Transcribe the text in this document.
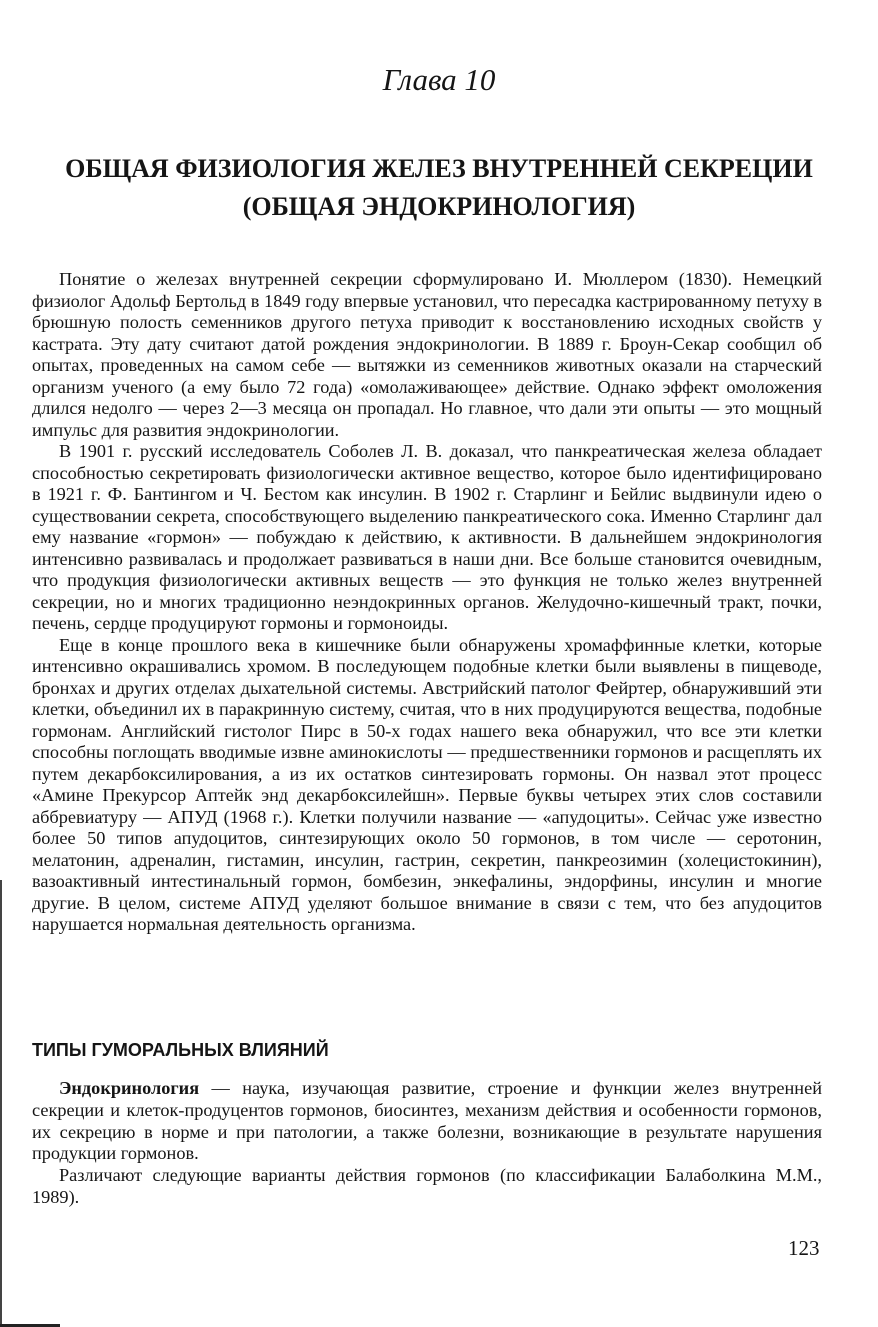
Глава 10
ОБЩАЯ ФИЗИОЛОГИЯ ЖЕЛЕЗ ВНУТРЕННЕЙ СЕКРЕЦИИ
(ОБЩАЯ ЭНДОКРИНОЛОГИЯ)

Понятие о железах внутренней секреции сформулировано И. Мюллером (1830). Немецкий физиолог Адольф Бертольд в 1849 году впервые установил, что пересадка кастрированному петуху в брюшную полость семенников другого петуха приводит к восстановлению исходных свойств у кастрата. Эту дату считают датой рождения эндокринологии. В 1889 г. Броун-Секар сообщил об опытах, проведенных на самом себе — вытяжки из семенников животных оказали на старческий организм ученого (а ему было 72 года) «омолаживающее» действие. Однако эффект омоложения длился недолго — через 2—3 месяца он пропадал. Но главное, что дали эти опыты — это мощный импульс для развития эндокринологии.

В 1901 г. русский исследователь Соболев Л. В. доказал, что панкреатическая железа обладает способностью секретировать физиологически активное вещество, которое было идентифицировано в 1921 г. Ф. Бантингом и Ч. Бестом как инсулин. В 1902 г. Старлинг и Бейлис выдвинули идею о существовании секрета, способствующего выделению панкреатического сока. Именно Старлинг дал ему название «гормон» — побуждаю к действию, к активности. В дальнейшем эндокринология интенсивно развивалась и продолжает развиваться в наши дни. Все больше становится очевидным, что продукция физиологически активных веществ — это функция не только желез внутренней секреции, но и многих традиционно неэндокринных органов. Желудочно-кишечный тракт, почки, печень, сердце продуцируют гормоны и гормоноиды.

Еще в конце прошлого века в кишечнике были обнаружены хромаффинные клетки, которые интенсивно окрашивались хромом. В последующем подобные клетки были выявлены в пищеводе, бронхах и других отделах дыхательной системы. Австрийский патолог Фейртер, обнаруживший эти клетки, объединил их в паракринную систему, считая, что в них продуцируются вещества, подобные гормонам. Английский гистолог Пирс в 50-х годах нашего века обнаружил, что все эти клетки способны поглощать вводимые извне аминокислоты — предшественники гормонов и расщеплять их путем декарбоксилирования, а из их остатков синтезировать гормоны. Он назвал этот процесс «Амине Прекурсор Аптейк энд декарбоксилейшн». Первые буквы четырех этих слов составили аббревиатуру — АПУД (1968 г.). Клетки получили название — «апудоциты». Сейчас уже известно более 50 типов апудоцитов, синтезирующих около 50 гормонов, в том числе — серотонин, мелатонин, адреналин, гистамин, инсулин, гастрин, секретин, панкреозимин (холецистокинин), вазоактивный интестинальный гормон, бомбезин, энкефалины, эндорфины, инсулин и многие другие. В целом, системе АПУД уделяют большое внимание в связи с тем, что без апудоцитов нарушается нормальная деятельность организма.

ТИПЫ ГУМОРАЛЬНЫХ ВЛИЯНИЙ

Эндокринология — наука, изучающая развитие, строение и функции желез внутренней секреции и клеток-продуцентов гормонов, биосинтез, механизм действия и особенности гормонов, их секрецию в норме и при патологии, а также болезни, возникающие в результате нарушения продукции гормонов.

Различают следующие варианты действия гормонов (по классификации Балаболкина М.М., 1989).

123
